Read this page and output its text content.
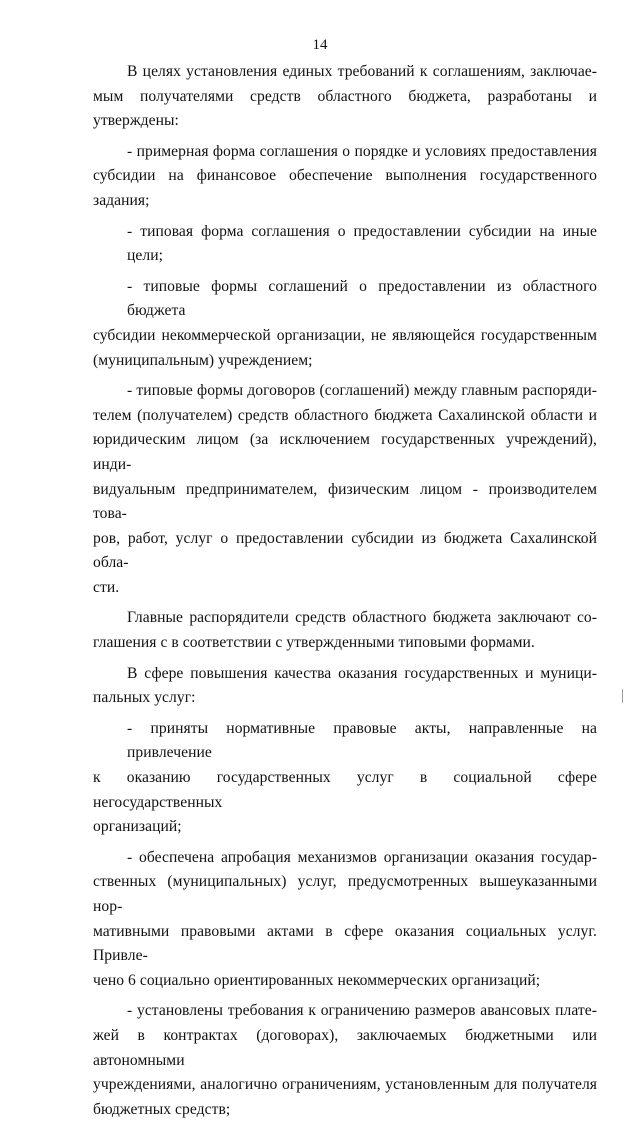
14
В целях установления единых требований к соглашениям, заключае-
мым получателями средств областного бюджета, разработаны и утверждены:
- примерная форма соглашения о порядке и условиях предоставления
субсидии на финансовое обеспечение выполнения государственного задания;
- типовая форма соглашения о предоставлении субсидии на иные цели;
- типовые формы соглашений о предоставлении из областного бюджета
субсидии некоммерческой организации, не являющейся государственным
(муниципальным) учреждением;
- типовые формы договоров (соглашений) между главным распоряди-
телем (получателем) средств областного бюджета Сахалинской области и
юридическим лицом (за исключением государственных учреждений), инди-
видуальным предпринимателем, физическим лицом - производителем това-
ров, работ, услуг о предоставлении субсидии из бюджета Сахалинской обла-
сти.
Главные распорядители средств областного бюджета заключают со-
глашения с в соответствии с утвержденными типовыми формами.
В сфере повышения качества оказания государственных и муници-
пальных услуг:
- приняты нормативные правовые акты, направленные на привлечение
к оказанию государственных услуг в социальной сфере негосударственных
организаций;
- обеспечена апробация механизмов организации оказания государ-
ственных (муниципальных) услуг, предусмотренных вышеуказанными нор-
мативными правовыми актами в сфере оказания социальных услуг. Привле-
чено 6 социально ориентированных некоммерческих организаций;
- установлены требования к ограничению размеров авансовых плате-
жей в контрактах (договорах), заключаемых бюджетными или автономными
учреждениями, аналогично ограничениям, установленным для получателя
бюджетных средств;
